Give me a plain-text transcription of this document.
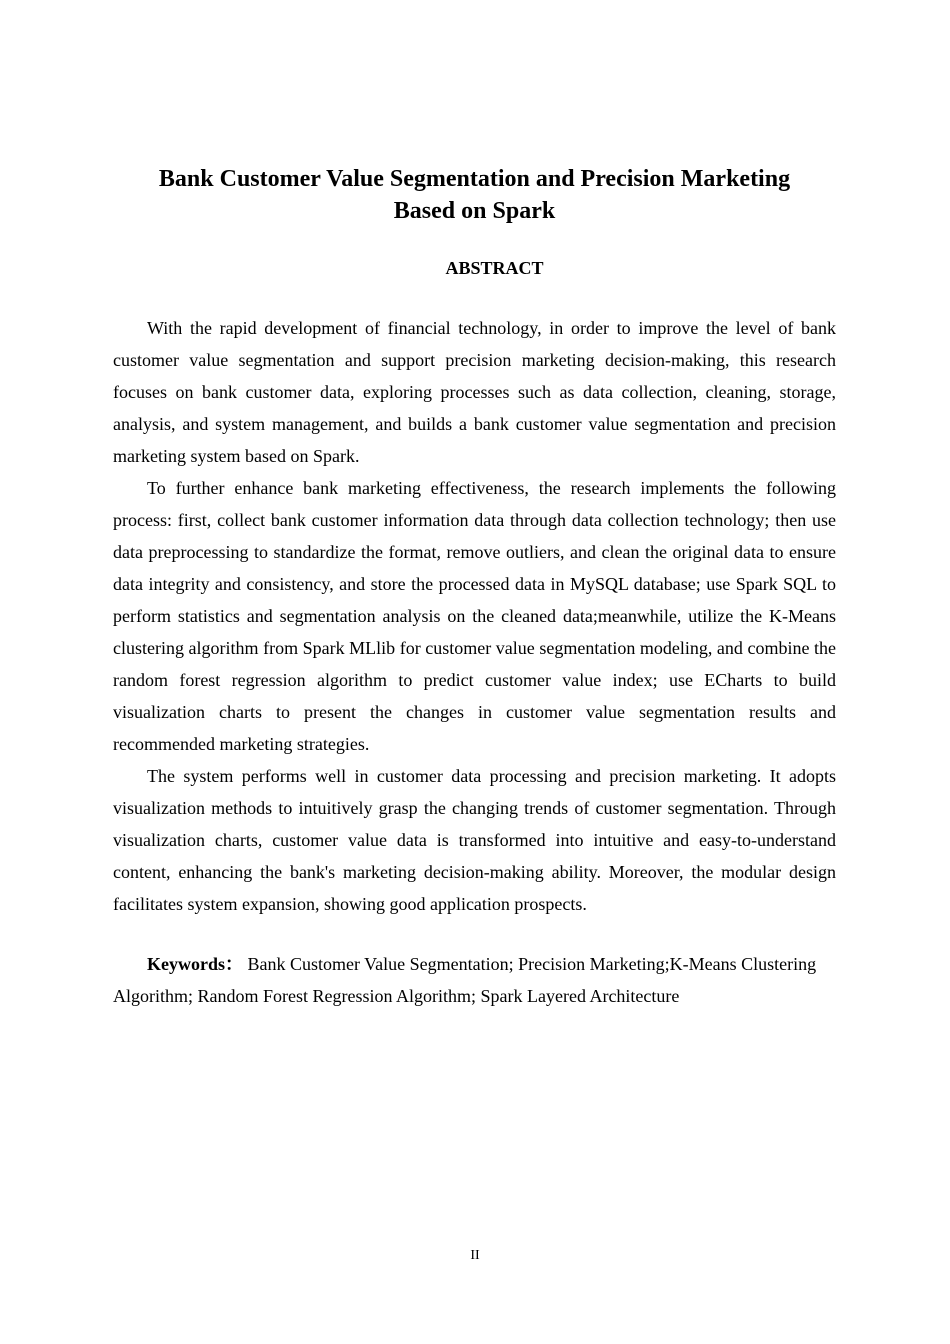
Bank Customer Value Segmentation and Precision Marketing
Based on Spark
ABSTRACT

With the rapid development of financial technology, in order to improve the level of bank customer value segmentation and support precision marketing decision-making, this research focuses on bank customer data, exploring processes such as data collection, cleaning, storage, analysis, and system management, and builds a bank customer value segmentation and precision marketing system based on Spark.

To further enhance bank marketing effectiveness, the research implements the following process: first, collect bank customer information data through data collection technology; then use data preprocessing to standardize the format, remove outliers, and clean the original data to ensure data integrity and consistency, and store the processed data in MySQL database; use Spark SQL to perform statistics and segmentation analysis on the cleaned data;meanwhile, utilize the K-Means clustering algorithm from Spark MLlib for customer value segmentation modeling, and combine the random forest regression algorithm to predict customer value index; use ECharts to build visualization charts to present the changes in customer value segmentation results and recommended marketing strategies.

The system performs well in customer data processing and precision marketing. It adopts visualization methods to intuitively grasp the changing trends of customer segmentation. Through visualization charts, customer value data is transformed into intuitive and easy-to-understand content, enhancing the bank's marketing decision-making ability. Moreover, the modular design facilitates system expansion, showing good application prospects.

Keywords： Bank Customer Value Segmentation; Precision Marketing;K-Means Clustering Algorithm; Random Forest Regression Algorithm; Spark Layered Architecture

II
